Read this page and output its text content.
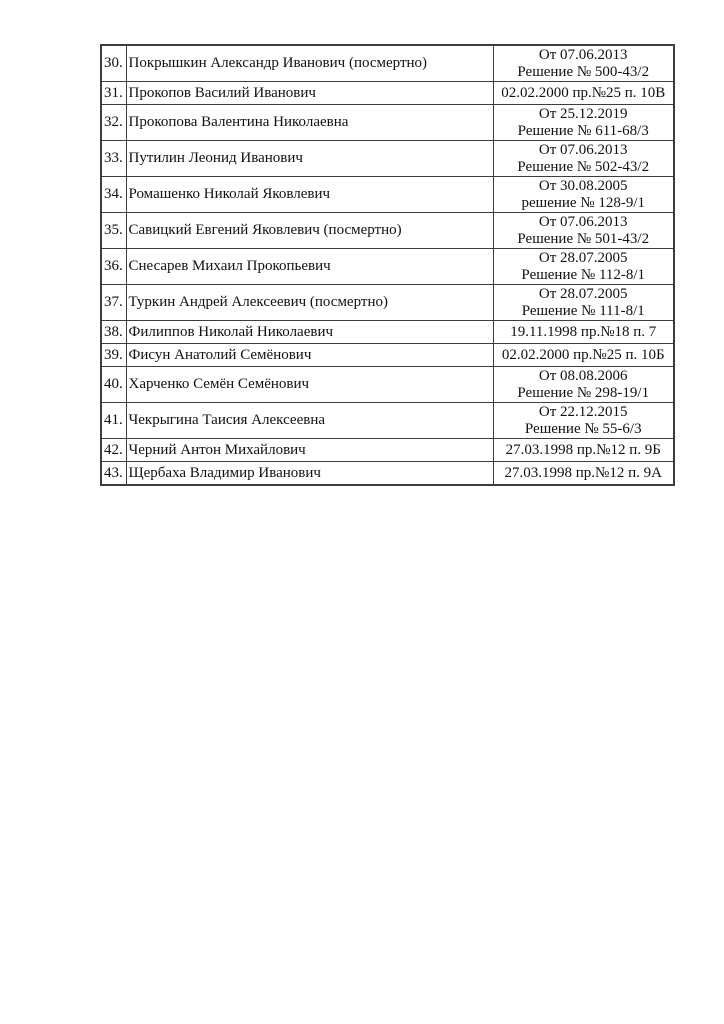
30.	Покрышкин Александр Иванович (посмертно)	От 07.06.2013
Решение № 500-43/2

31.	Прокопов Василий Иванович	02.02.2000 пр.№25 п. 10В

32.	Прокопова Валентина Николаевна	От 25.12.2019
Решение № 611-68/3

33.	Путилин Леонид Иванович	От 07.06.2013
Решение № 502-43/2

34.	Ромашенко Николай Яковлевич	От 30.08.2005
решение № 128-9/1

35.	Савицкий Евгений Яковлевич (посмертно)	От 07.06.2013
Решение № 501-43/2

36.	Снесарев Михаил Прокопьевич	От 28.07.2005
Решение № 112-8/1

37.	Туркин Андрей Алексеевич (посмертно)	От 28.07.2005
Решение № 111-8/1

38.	Филиппов Николай Николаевич	19.11.1998 пр.№18 п. 7

39.	Фисун Анатолий Семёнович	02.02.2000 пр.№25 п. 10Б

40.	Харченко Семён Семёнович	От 08.08.2006
Решение № 298-19/1

41.	Чекрыгина Таисия Алексеевна	От 22.12.2015
Решение № 55-6/3

42.	Черний Антон Михайлович	27.03.1998 пр.№12 п. 9Б

43.	Щербаха Владимир Иванович	27.03.1998 пр.№12 п. 9А
